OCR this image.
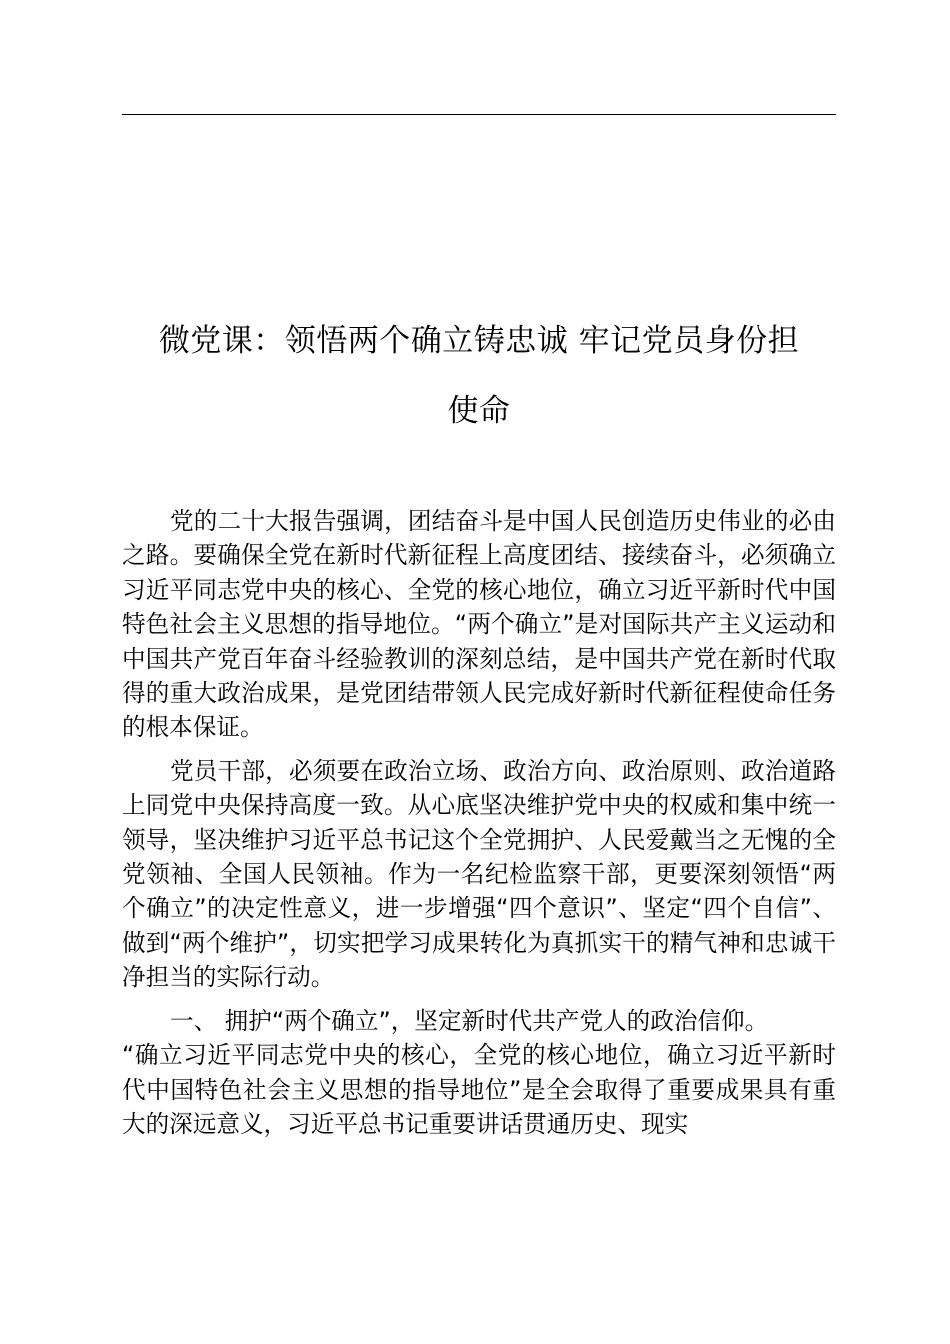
微党课：领悟两个确立铸忠诚 牢记党员身份担
使命

党的二十大报告强调，团结奋斗是中国人民创造历史伟业的必由之路。要确保全党在新时代新征程上高度团结、接续奋斗，必须确立习近平同志党中央的核心、全党的核心地位，确立习近平新时代中国特色社会主义思想的指导地位。“两个确立”是对国际共产主义运动和中国共产党百年奋斗经验教训的深刻总结，是中国共产党在新时代取得的重大政治成果，是党团结带领人民完成好新时代新征程使命任务的根本保证。

党员干部，必须要在政治立场、政治方向、政治原则、政治道路上同党中央保持高度一致。从心底坚决维护党中央的权威和集中统一领导，坚决维护习近平总书记这个全党拥护、人民爱戴当之无愧的全党领袖、全国人民领袖。作为一名纪检监察干部，更要深刻领悟“两个确立”的决定性意义，进一步增强“四个意识”、坚定“四个自信”、做到“两个维护”，切实把学习成果转化为真抓实干的精气神和忠诚干净担当的实际行动。

一、 拥护“两个确立”，坚定新时代共产党人的政治信仰。

“确立习近平同志党中央的核心，全党的核心地位，确立习近平新时代中国特色社会主义思想的指导地位”是全会取得了重要成果具有重大的深远意义，习近平总书记重要讲话贯通历史、现实
